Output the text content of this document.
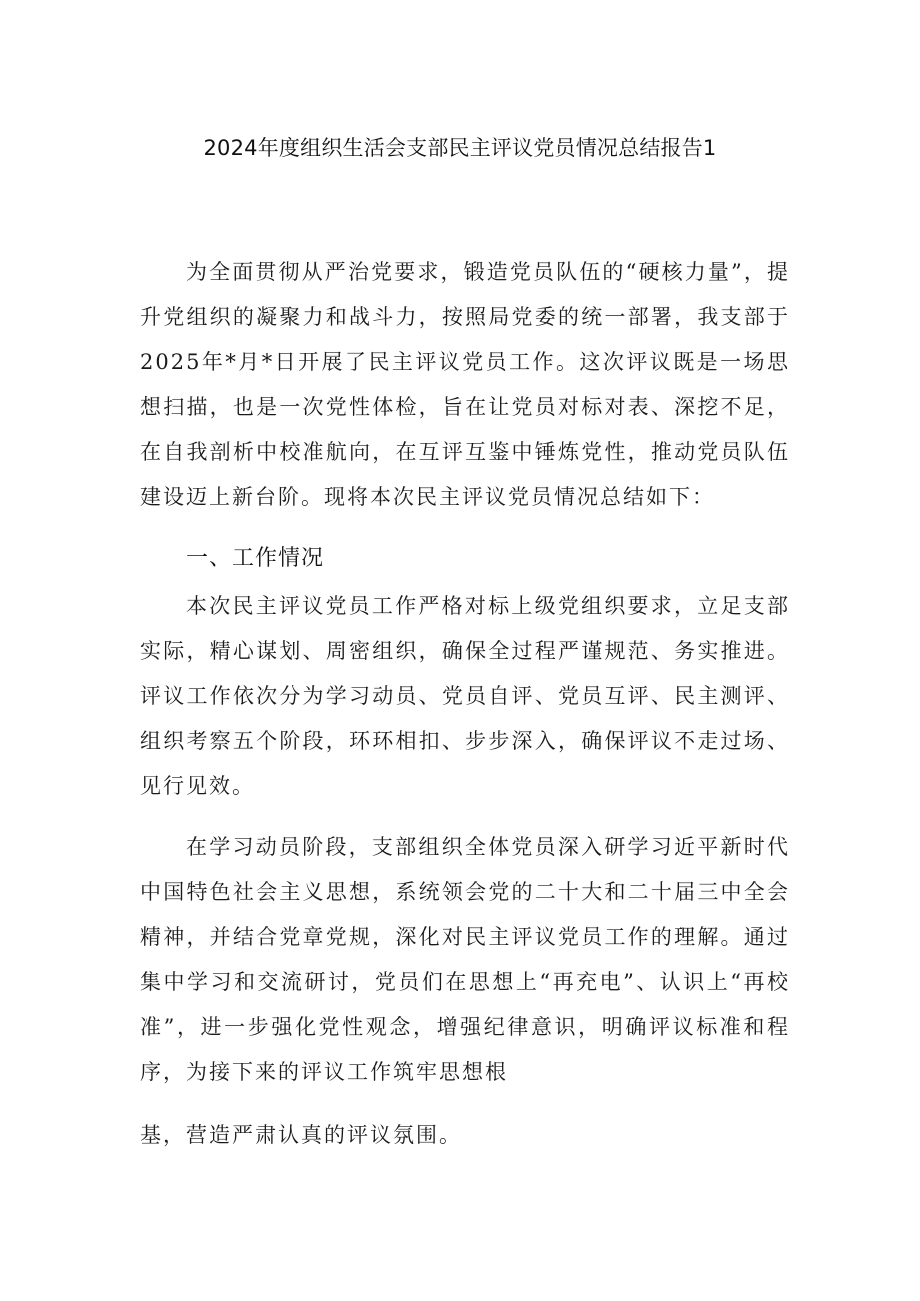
2024年度组织生活会支部民主评议党员情况总结报告1

为全面贯彻从严治党要求，锻造党员队伍的“硬核力量”，提升党组织的凝聚力和战斗力，按照局党委的统一部署，我支部于2025年*月*日开展了民主评议党员工作。这次评议既是一场思想扫描，也是一次党性体检，旨在让党员对标对表、深挖不足，在自我剖析中校准航向，在互评互鉴中锤炼党性，推动党员队伍建设迈上新台阶。现将本次民主评议党员情况总结如下：

一、工作情况

本次民主评议党员工作严格对标上级党组织要求，立足支部实际，精心谋划、周密组织，确保全过程严谨规范、务实推进。评议工作依次分为学习动员、党员自评、党员互评、民主测评、组织考察五个阶段，环环相扣、步步深入，确保评议不走过场、见行见效。

在学习动员阶段，支部组织全体党员深入研学习近平新时代中国特色社会主义思想，系统领会党的二十大和二十届三中全会精神，并结合党章党规，深化对民主评议党员工作的理解。通过集中学习和交流研讨，党员们在思想上“再充电”、认识上“再校准”，进一步强化党性观念，增强纪律意识，明确评议标准和程序，为接下来的评议工作筑牢思想根

基，营造严肃认真的评议氛围。
